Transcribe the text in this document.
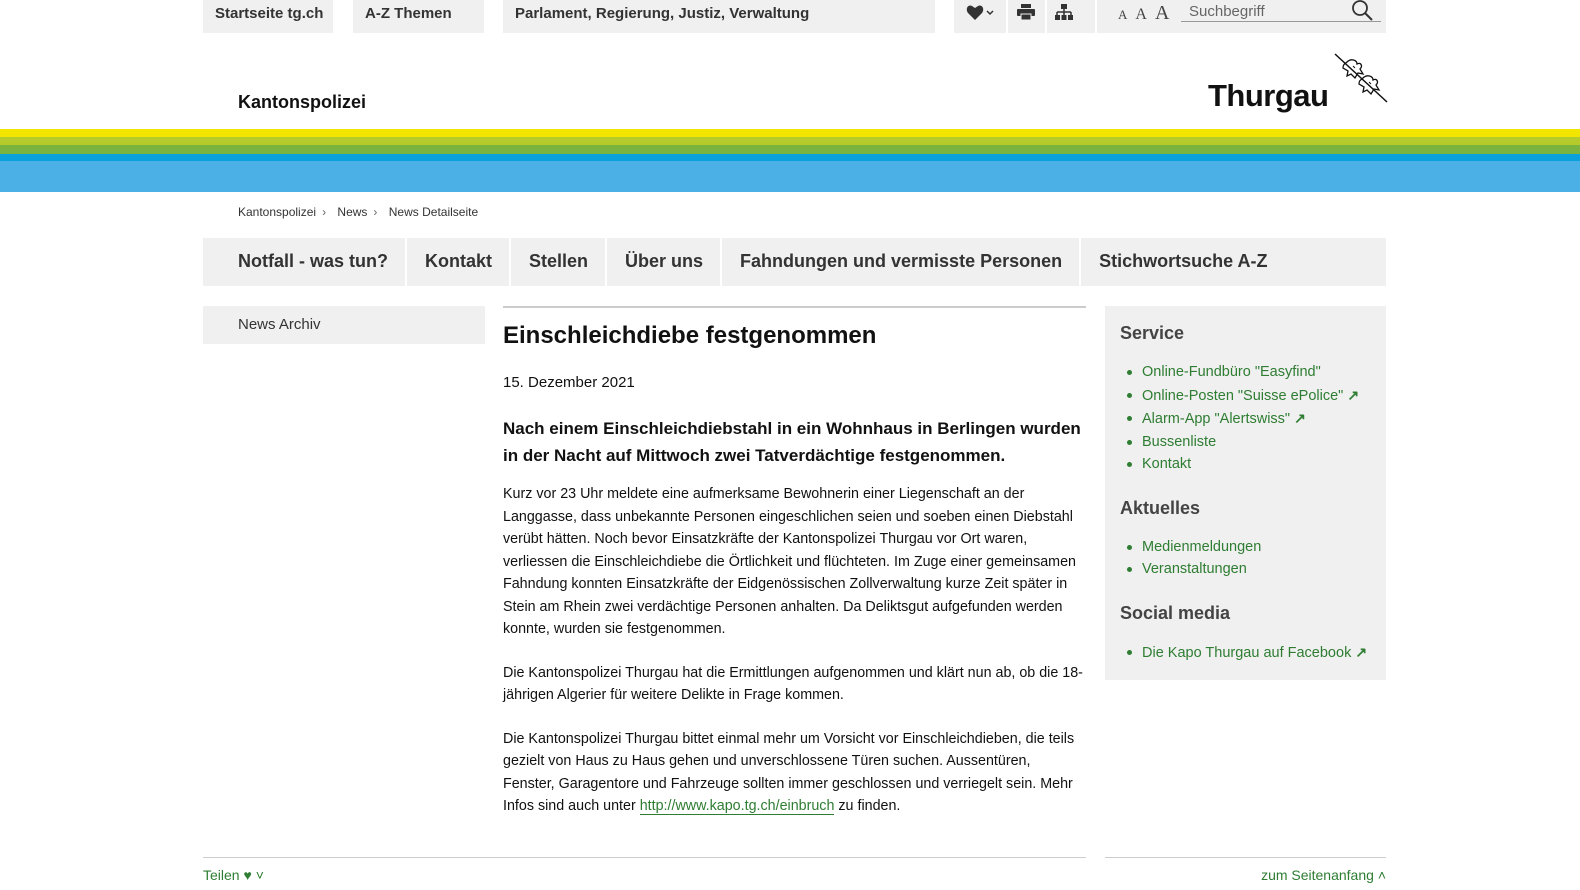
Startseite tg.ch	A-Z Themen	Parlament, Regierung, Justiz, Verwaltung	A A A
Suchbegriff
Kantonspolizei	Thurgau
Kantonspolizei › News › News Detailseite
Notfall - was tun?	Kontakt	Stellen	Über uns	Fahndungen und vermisste Personen	Stichwortsuche A-Z
News Archiv	Einschleichdiebe festgenommen
15. Dezember 2021
Nach einem Einschleichdiebstahl in ein Wohnhaus in Berlingen wurden in der Nacht auf Mittwoch zwei Tatverdächtige festgenommen.

Kurz vor 23 Uhr meldete eine aufmerksame Bewohnerin einer Liegenschaft an der Langgasse, dass unbekannte Personen eingeschlichen seien und soeben einen Diebstahl verübt hätten. Noch bevor Einsatzkräfte der Kantonspolizei Thurgau vor Ort waren, verliessen die Einschleichdiebe die Örtlichkeit und flüchteten. Im Zuge einer gemeinsamen Fahndung konnten Einsatzkräfte der Eidgenössischen Zollverwaltung kurze Zeit später in Stein am Rhein zwei verdächtige Personen anhalten. Da Deliktsgut aufgefunden werden konnte, wurden sie festgenommen.

Die Kantonspolizei Thurgau hat die Ermittlungen aufgenommen und klärt nun ab, ob die 18-jährigen Algerier für weitere Delikte in Frage kommen.

Die Kantonspolizei Thurgau bittet einmal mehr um Vorsicht vor Einschleichdieben, die teils gezielt von Haus zu Haus gehen und unverschlossene Türen suchen. Aussentüren, Fenster, Garagentore und Fahrzeuge sollten immer geschlossen und verriegelt sein. Mehr Infos sind auch unter http://www.kapo.tg.ch/einbruch zu finden.

Service
Online-Fundbüro "Easyfind"
Online-Posten "Suisse ePolice" ↗
Alarm-App "Alertswiss" ↗
Bussenliste
Kontakt
Aktuelles
Medienmeldungen
Veranstaltungen
Social media
Die Kapo Thurgau auf Facebook ↗
Teilen ♥ ˅	zum Seitenanfang ˄
